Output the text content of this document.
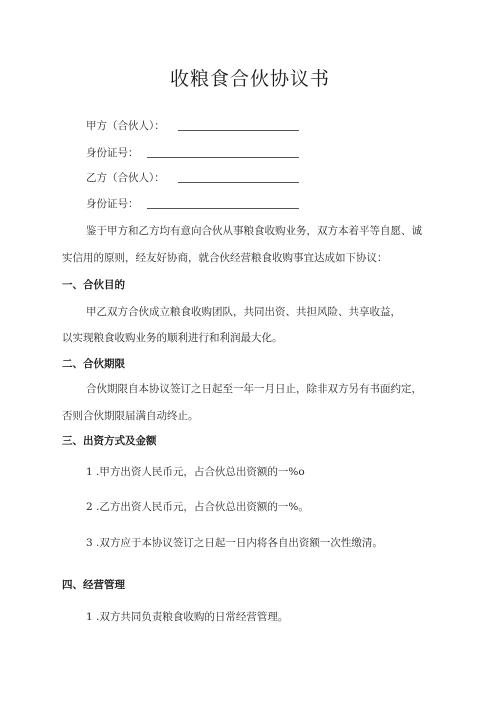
收粮食合伙协议书
甲方（合伙人）：
身份证号：
乙方（合伙人）：
身份证号：
鉴于甲方和乙方均有意向合伙从事粮食收购业务，双方本着平等自愿、诚
实信用的原则，经友好协商，就合伙经营粮食收购事宜达成如下协议：
一、合伙目的
甲乙双方合伙成立粮食收购团队，共同出资、共担风险、共享收益，
以实现粮食收购业务的顺利进行和利润最大化。
二、合伙期限
合伙期限自本协议签订之日起至一年一月日止，除非双方另有书面约定，
否则合伙期限届满自动终止。
三、出资方式及金额
1 .甲方出资人民币元，占合伙总出资额的一%o
2 .乙方出资人民币元，占合伙总出资额的一%。
3 .双方应于本协议签订之日起一日内将各自出资额一次性缴清。
四、经营管理
1 .双方共同负责粮食收购的日常经营管理。
